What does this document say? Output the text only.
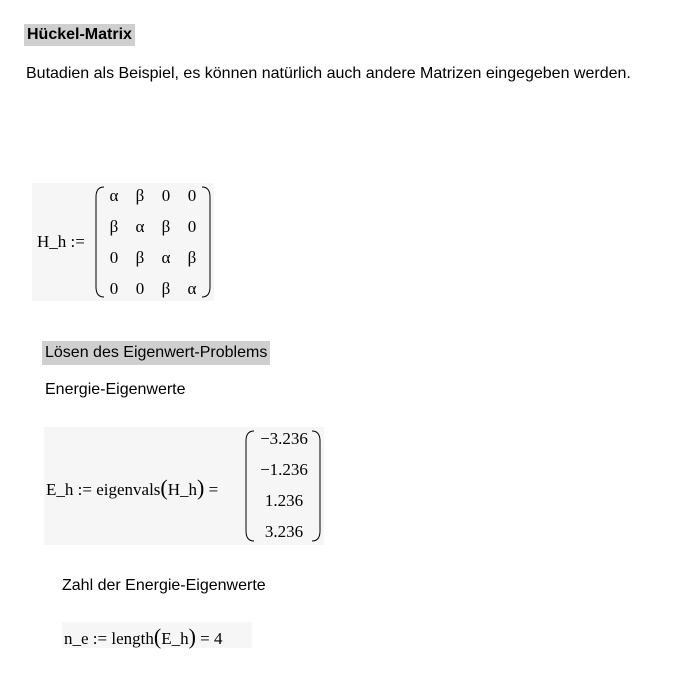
Hückel-Matrix
Butadien als Beispiel, es können natürlich auch andere Matrizen eingegeben werden.
H_h :=
α	β	0	0
β	α	β	0
0	β	α	β
0	0	β	α
Lösen des Eigenwert-Problems
Energie-Eigenwerte
E_h := eigenvals(H_h) =
−3.236
−1.236
1.236
3.236
Zahl der Energie-Eigenwerte
n_e := length(E_h) = 4
